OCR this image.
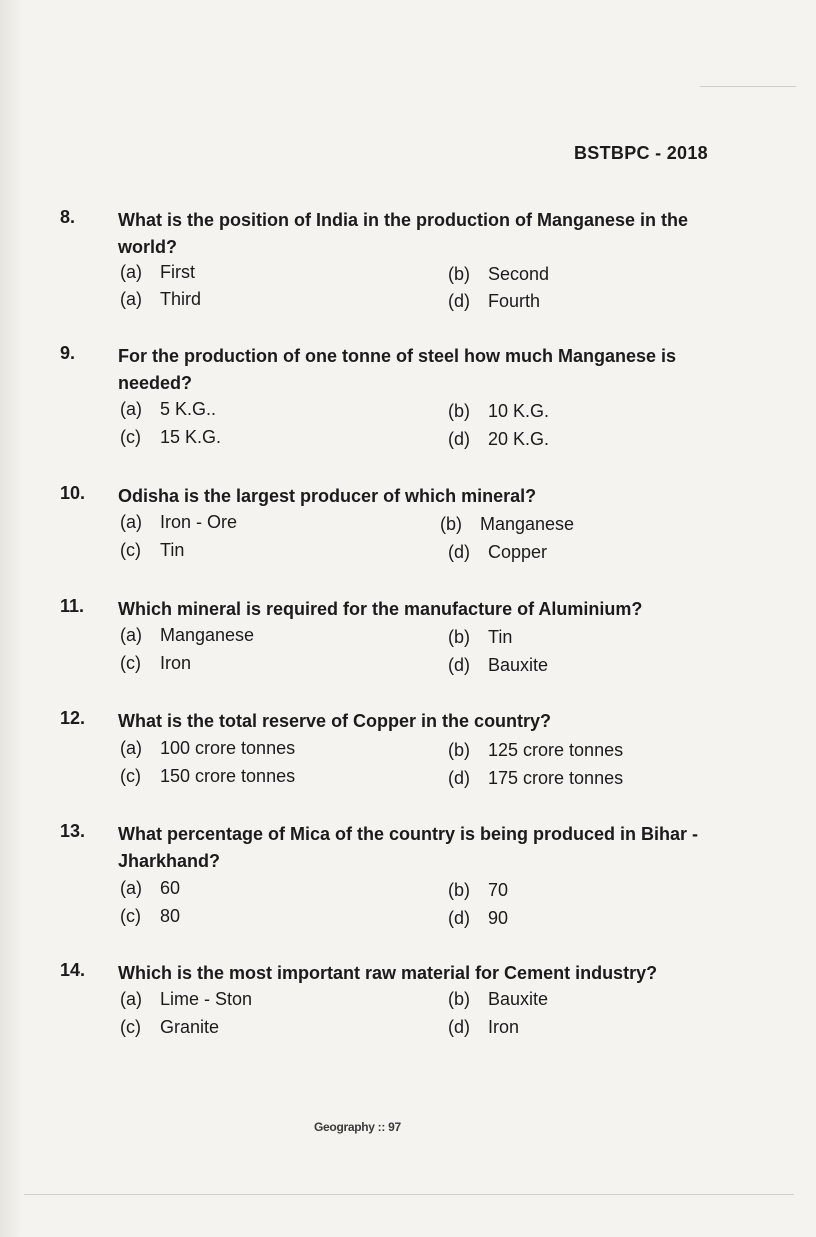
BSTBPC - 2018
8. What is the position of India in the production of Manganese in the world?
(a) First	(b) Second
(a) Third	(d) Fourth
9. For the production of one tonne of steel how much Manganese is needed?
(a) 5 K.G..	(b) 10 K.G.
(c) 15 K.G.	(d) 20 K.G.
10. Odisha is the largest producer of which mineral?
(a) Iron - Ore	(b) Manganese
(c) Tin	(d) Copper
11. Which mineral is required for the manufacture of Aluminium?
(a) Manganese	(b) Tin
(c) Iron	(d) Bauxite
12. What is the total reserve of Copper in the country?
(a) 100 crore tonnes	(b) 125 crore tonnes
(c) 150 crore tonnes	(d) 175 crore tonnes
13. What percentage of Mica of the country is being produced in Bihar - Jharkhand?
(a) 60	(b) 70
(c) 80	(d) 90
14. Which is the most important raw material for Cement industry?
(a) Lime - Ston	(b) Bauxite
(c) Granite	(d) Iron
Geography :: 97
